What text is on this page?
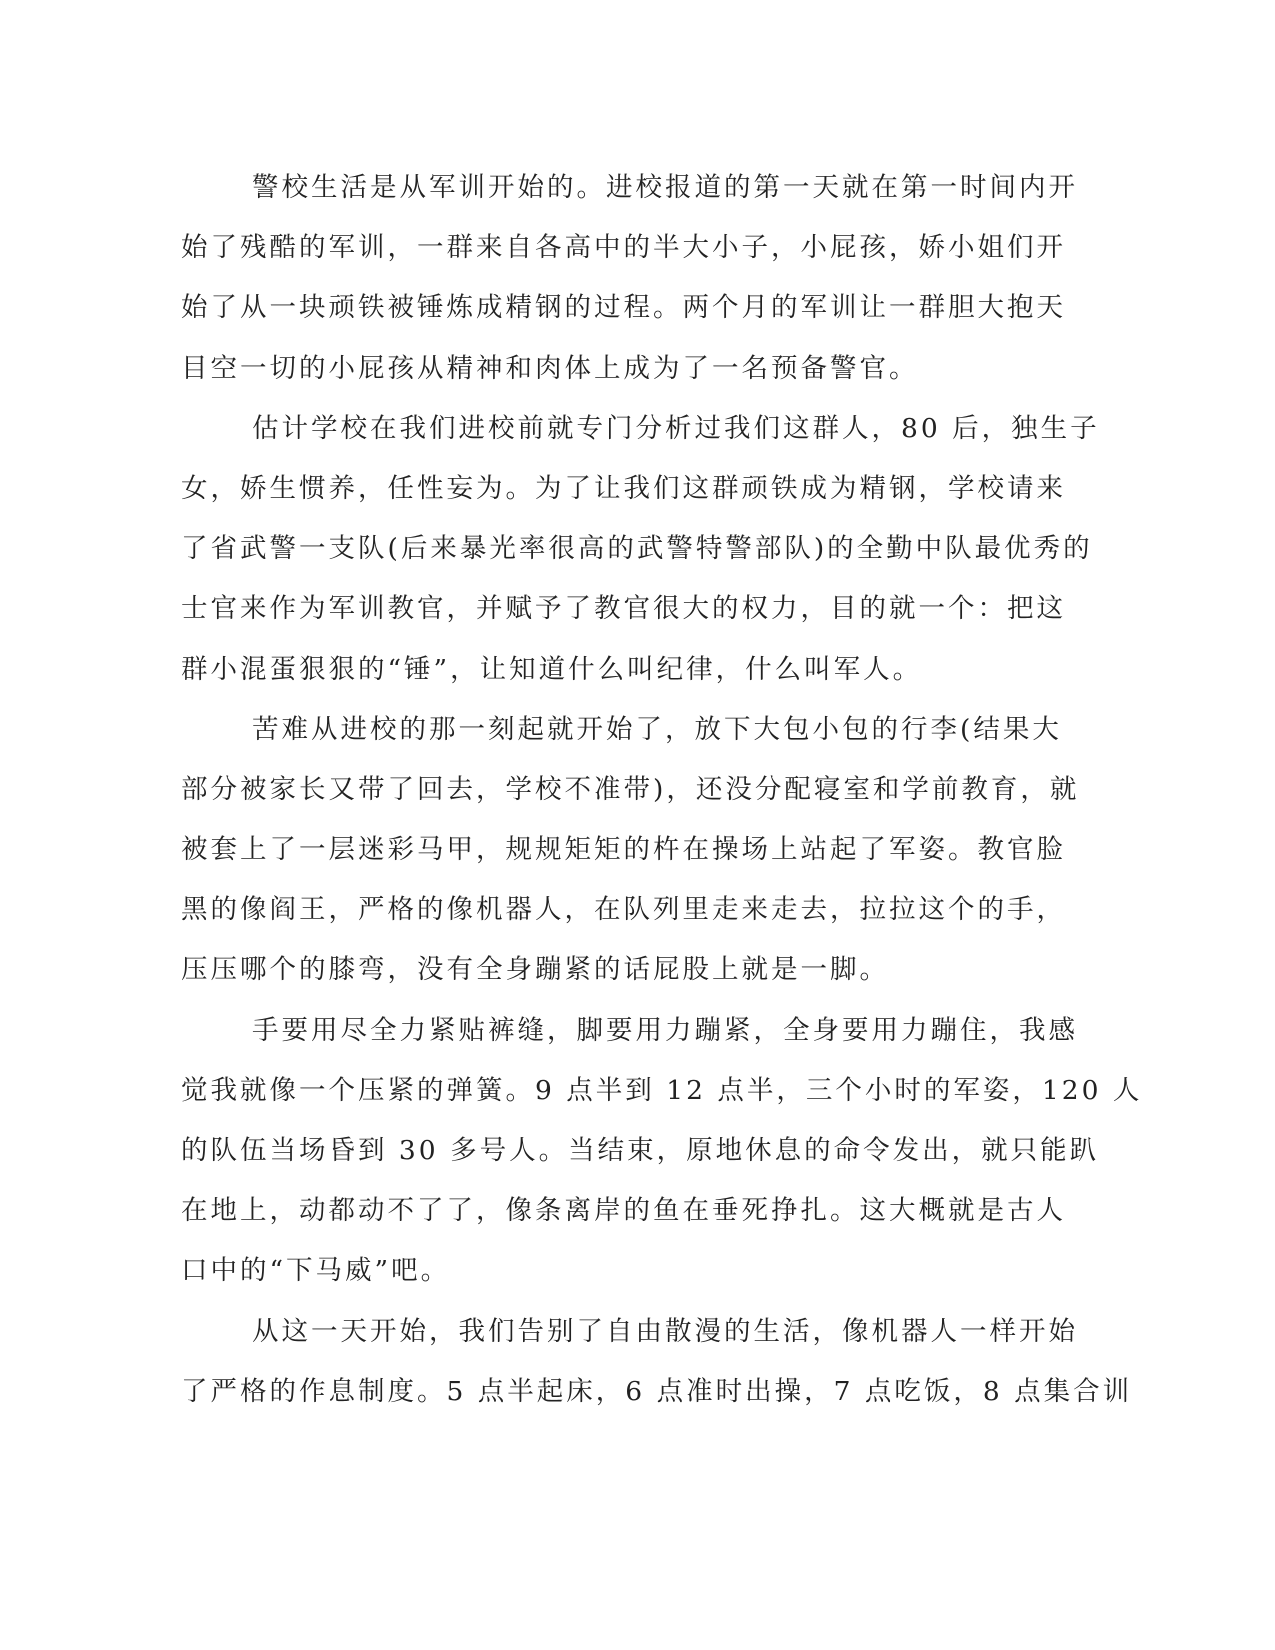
警校生活是从军训开始的。进校报道的第一天就在第一时间内开
始了残酷的军训，一群来自各高中的半大小子，小屁孩，娇小姐们开
始了从一块顽铁被锤炼成精钢的过程。两个月的军训让一群胆大抱天
目空一切的小屁孩从精神和肉体上成为了一名预备警官。
估计学校在我们进校前就专门分析过我们这群人，80 后，独生子
女，娇生惯养，任性妄为。为了让我们这群顽铁成为精钢，学校请来
了省武警一支队(后来暴光率很高的武警特警部队)的全勤中队最优秀的
士官来作为军训教官，并赋予了教官很大的权力，目的就一个：把这
群小混蛋狠狠的“锤”，让知道什么叫纪律，什么叫军人。
苦难从进校的那一刻起就开始了，放下大包小包的行李(结果大
部分被家长又带了回去，学校不准带)，还没分配寝室和学前教育，就
被套上了一层迷彩马甲，规规矩矩的杵在操场上站起了军姿。教官脸
黑的像阎王，严格的像机器人，在队列里走来走去，拉拉这个的手，
压压哪个的膝弯，没有全身蹦紧的话屁股上就是一脚。
手要用尽全力紧贴裤缝，脚要用力蹦紧，全身要用力蹦住，我感
觉我就像一个压紧的弹簧。9 点半到 12 点半，三个小时的军姿，120 人
的队伍当场昏到 30 多号人。当结束，原地休息的命令发出，就只能趴
在地上，动都动不了了，像条离岸的鱼在垂死挣扎。这大概就是古人
口中的“下马威”吧。
从这一天开始，我们告别了自由散漫的生活，像机器人一样开始
了严格的作息制度。5 点半起床，6 点准时出操，7 点吃饭，8 点集合训
